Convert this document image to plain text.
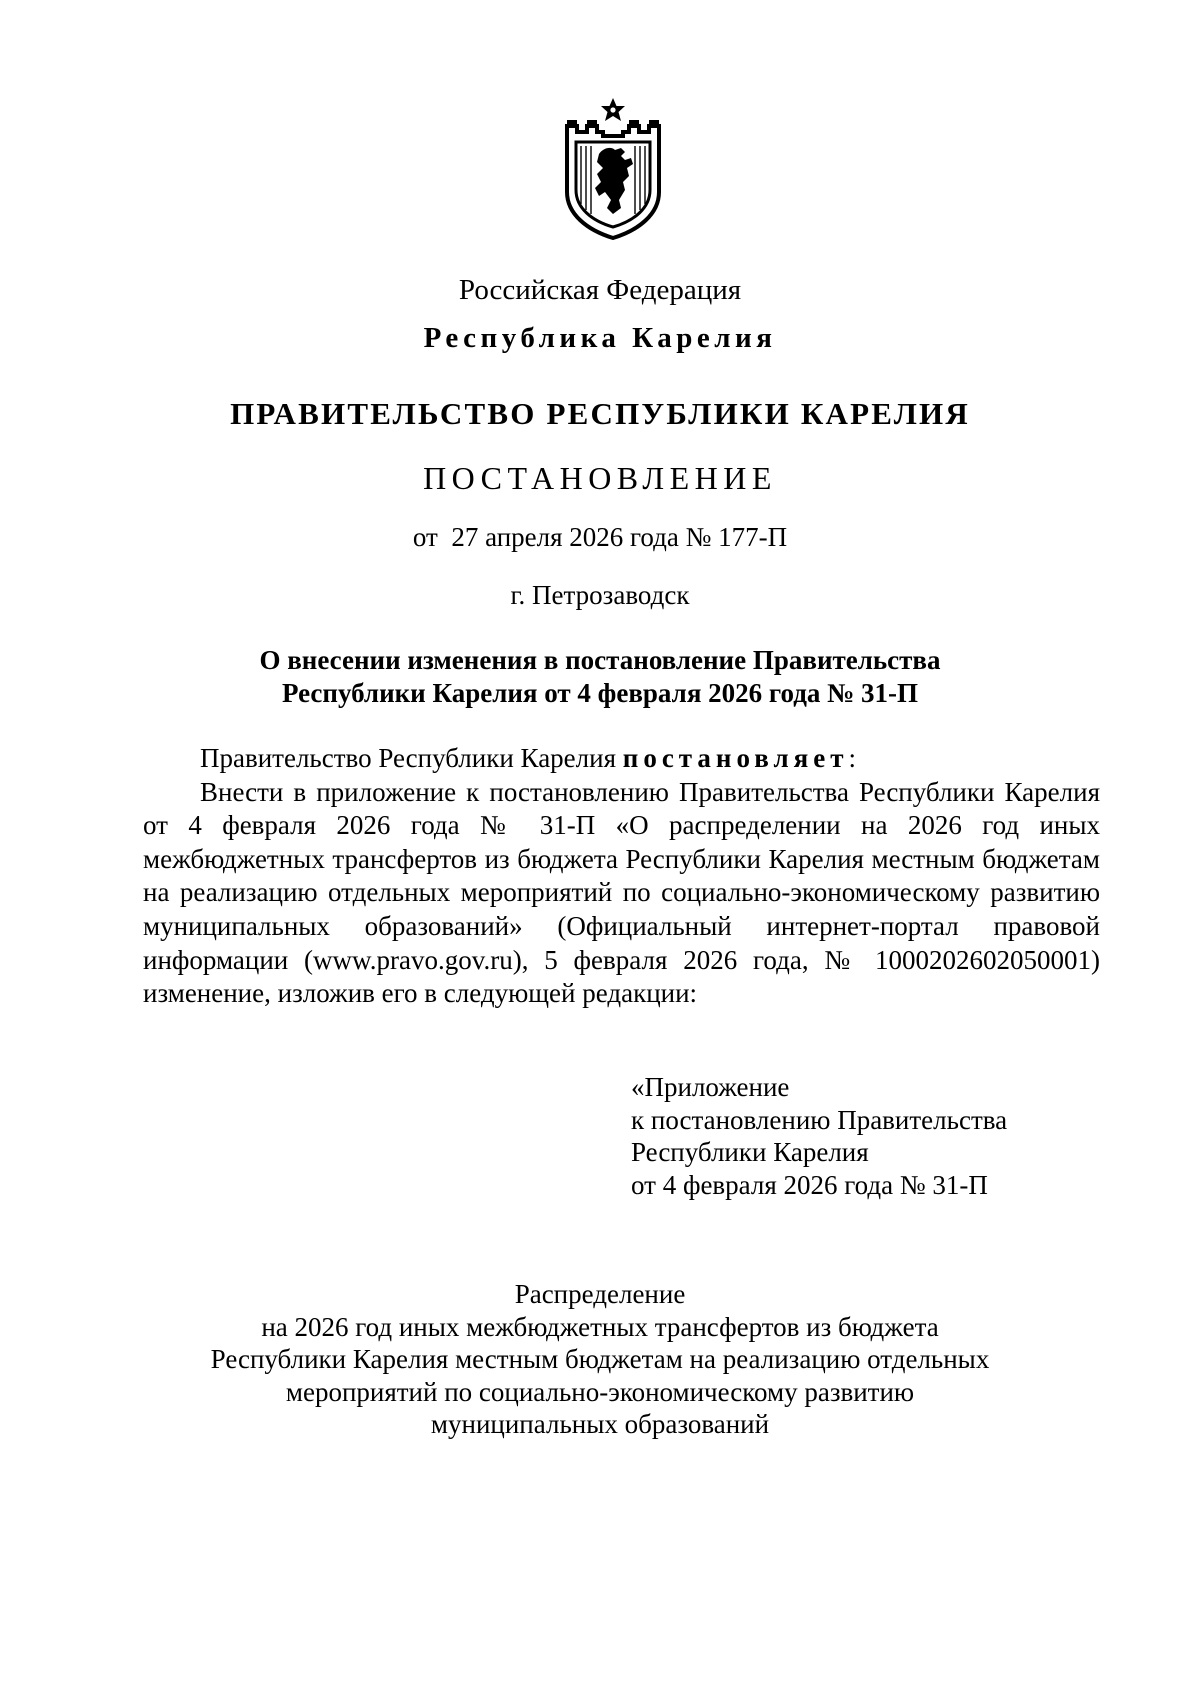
Российская Федерация
Республика Карелия
ПРАВИТЕЛЬСТВО РЕСПУБЛИКИ КАРЕЛИЯ
ПОСТАНОВЛЕНИЕ
от  27 апреля 2026 года № 177-П
г. Петрозаводск
О внесении изменения в постановление Правительства
Республики Карелия от 4 февраля 2026 года № 31-П

Правительство Республики Карелия постановляет:

Внести в приложение к постановлению Правительства Республики Карелия от 4 февраля 2026 года № 31-П «О распределении на 2026 год иных межбюджетных трансфертов из бюджета Республики Карелия местным бюджетам на реализацию отдельных мероприятий по социально-экономическому развитию муниципальных образований» (Официальный интернет-портал правовой информации (www.pravo.gov.ru), 5 февраля 2026 года, № 1000202602050001) изменение, изложив его в следующей редакции:

«Приложение
к постановлению Правительства
Республики Карелия
от 4 февраля 2026 года № 31-П
Распределение
на 2026 год иных межбюджетных трансфертов из бюджета
Республики Карелия местным бюджетам на реализацию отдельных
мероприятий по социально-экономическому развитию
муниципальных образований
